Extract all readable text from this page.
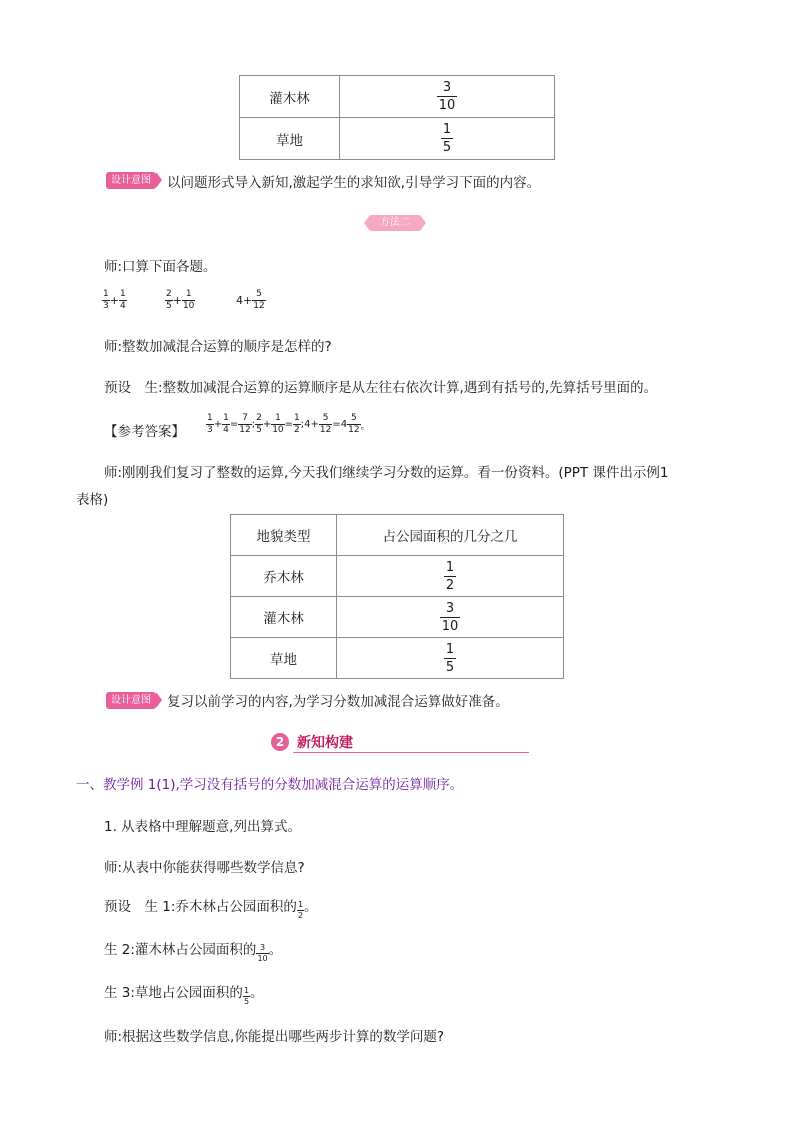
灌木林	$\frac{3}{10}$

草地	$\frac{1}{5}$
设计意图	以问题形式导入新知,激起学生的求知欲,引导学习下面的内容。
方法二
师:口算下面各题。
$\frac{1}{3} + \frac{1}{4}$	$\frac{2}{5} + \frac{1}{10}$	$4+ \frac{5}{12}$
师:整数加减混合运算的顺序是怎样的?
预设　生:整数加减混合运算的运算顺序是从左往右依次计算,遇到有括号的,先算括号里面的。
【参考答案】 $\frac{1}{3} + \frac{1}{4} = \frac{7}{12}$ ; $\frac{2}{5} + \frac{1}{10} = \frac{1}{2}$ ;4+ $\frac{5}{12} =4 \frac{5}{12}$ 。
师:刚刚我们复习了整数的运算,今天我们继续学习分数的运算。看一份资料。(PPT 课件出示例1
表格)
地貌类型	占公园面积的几分之几
乔木林	$\frac{1}{2}$

灌木林	$\frac{3}{10}$

草地	$\frac{1}{5}$
设计意图	复习以前学习的内容,为学习分数加减混合运算做好准备。
2 新知构建
一、教学例 1(1),学习没有括号的分数加减混合运算的运算顺序。
1. 从表格中理解题意,列出算式。
师:从表中你能获得哪些数学信息?
预设　生 1:乔木林占公园面积的 $\frac{1}{2}$ 。
生 2:灌木林占公园面积的 $\frac{3}{10}$ 。
生 3:草地占公园面积的 $\frac{1}{5}$ 。
师:根据这些数学信息,你能提出哪些两步计算的数学问题?
